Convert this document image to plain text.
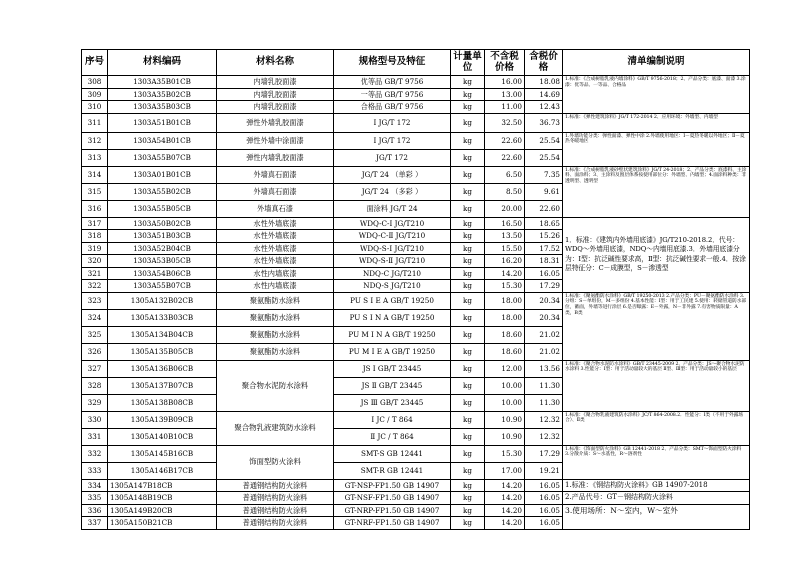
序号	材料编码	材料名称	规格型号及特征	计量单位	不含税价格	含税价格	清单编制说明
308	1303A35B01CB	内墙乳胶面漆	优等品 GB/T 9756	kg	16.00	18.08	1.标准：《合成树脂乳液内墙涂料》GB/T 9756-2018；2、产品分类：底漆、面漆 3.涂漆：优等品、一等品、合格品
309	1303A35B02CB	内墙乳胶面漆	一等品 GB/T 9756	kg	13.00	14.69	
310	1303A35B03CB	内墙乳胶面漆	合格品 GB/T 9756	kg	11.00	12.43	
311	1303A51B01CB	弹性外墙乳胶面漆	I JG/T 172	kg	32.50	36.73	1.标准：《弹性建筑涂料》JG/T 172-2014 2、应用环境：外墙型、内墙型
312	1303A54B01CB	弹性外墙中涂面漆	I JG/T 172	kg	22.60	25.54	1.外墙功能分类：弹性面漆、弹性中涂 2.外墙使用地区：Ⅰ－夏热冬暖以外地区；Ⅱ－夏热冬暖地区
313	1303A55B07CB	弹性内墙乳胶面漆	JG/T 172	kg	22.60	25.54	
314	1303A01B01CB	外墙真石面漆	JG/T 24 （单彩 ）	kg	6.50	7.35	1.标准：《合成树脂乳液砂壁状建筑涂料》JG/T 24-2018；2、产品分类：底漆料、主涂料、面涂料；3、主涂料及围层体系按使用部位分：外墙型、内墙型；4.面涂料种类：非透明型、透明型
315	1303A55B02CB	外墙真石面漆	JG/T 24 （多彩 ）	kg	8.50	9.61	
316	1303A55B05CB	外墙真石漆	面涂料 JG/T 24	kg	20.00	22.60	
317	1303A50B02CB	水性外墙底漆	WDQ-C-Ⅰ JG/T210	kg	16.50	18.65	1．标准：《建筑内外墙用底漆》JG/T210-2018.2．代号：WDQ～外墙用底漆，NDQ～内墙用底漆.3．外墙用底漆分为：Ⅰ型：抗泛碱性要求高，Ⅱ型：抗泛碱性要求一般.4．按涂层特征分：C－成膜型，S－渗透型
318	1303A51B03CB	水性外墙底漆	WDQ-C-Ⅱ JG/T210	kg	13.50	15.26	
319	1303A52B04CB	水性外墙底漆	WDQ-S-Ⅰ JG/T210	kg	15.50	17.52	
320	1303A53B05CB	水性外墙底漆	WDQ-S-Ⅱ JG/T210	kg	16.20	18.31	
321	1303A54B06CB	水性内墙底漆	NDQ-C JG/T210	kg	14.20	16.05	
322	1303A55B07CB	水性内墙底漆	NDQ-S JG/T210	kg	15.30	17.29	
323	1305A132B02CB	聚氨酯防水涂料	PU S I E A GB/T 19250	kg	18.00	20.34	1.标准：《聚氨酯防水涂料》GB/T 19250-2013 2.产品分类：PU－聚氨酯防水涂料 3.分组：S－单组份，M－多组份 4.基本性能：Ⅰ型：用于工民建 5.使用：转储管道防水部位，蓄面，外墙等进行涂层 6.是否曝露：E－外露，N－非外露 7.有害物质限量：A类，B类
324	1305A133B03CB	聚氨酯防水涂料	PU S I N A GB/T 19250	kg	18.00	20.34	
325	1305A134B04CB	聚氨酯防水涂料	PU M I N A GB/T 19250	kg	18.60	21.02	
326	1305A135B05CB	聚氨酯防水涂料	PU M I E A GB/T 19250	kg	18.60	21.02	
327	1305A136B06CB	聚合物水泥防水涂料	JS Ⅰ GB/T 23445	kg	12.00	13.56	1.标准：《聚合物水泥防水涂料》GB/T 23445-2009 2、产品分类：JS～聚合物水泥防水涂料 3.性能分：Ⅰ型：用于活动量较大的基层 Ⅱ型、Ⅲ型：用于活动量较小的基层
328	1305A137B07CB		JS Ⅱ GB/T 23445	kg	10.00	11.30	
329	1305A138B08CB		JS Ⅲ GB/T 23445	kg	10.00	11.30	
330	1305A139B09CB	聚合物乳液建筑防水涂料	Ⅰ JC / T 864	kg	10.90	12.32	1.标准：《聚合物乳液建筑防水涂料》JC/T 864-2008.2．性能分：Ⅰ类（不用于外露场合）、Ⅱ类
331	1305A140B10CB		Ⅱ JC / T 864	kg	10.90	12.32	
332	1305A145B16CB	饰面型防火涂料	SMT-S GB 12441	kg	15.30	17.29	1.标准：《饰面型防火涂料》GB 12441-2018 2、产品分类：SMT～饰面型防火涂料 3.分散介质：S～水基性，R～溶剂性
333	1305A146B17CB		SMT-R GB 12441	kg	17.00	19.21	
334	1305A147B18CB	普通钢结构防火涂料	GT-NSP-FP1.50 GB 14907	kg	14.20	16.05	1.标准：《钢结构防火涂料》GB 14907-2018
335	1305A148B19CB	普通钢结构防火涂料	GT-NSF-FP1.50 GB 14907	kg	14.20	16.05	2.产品代号：GT－钢结构防火涂料
336	1305A149B20CB	普通钢结构防火涂料	GT-NRP-FP1.50 GB 14907	kg	14.20	16.05	3.使用场所：N～室内，W～室外
337	1305A150B21CB	普通钢结构防火涂料	GT-NRF-FP1.50 GB 14907	kg	14.20	16.05	
